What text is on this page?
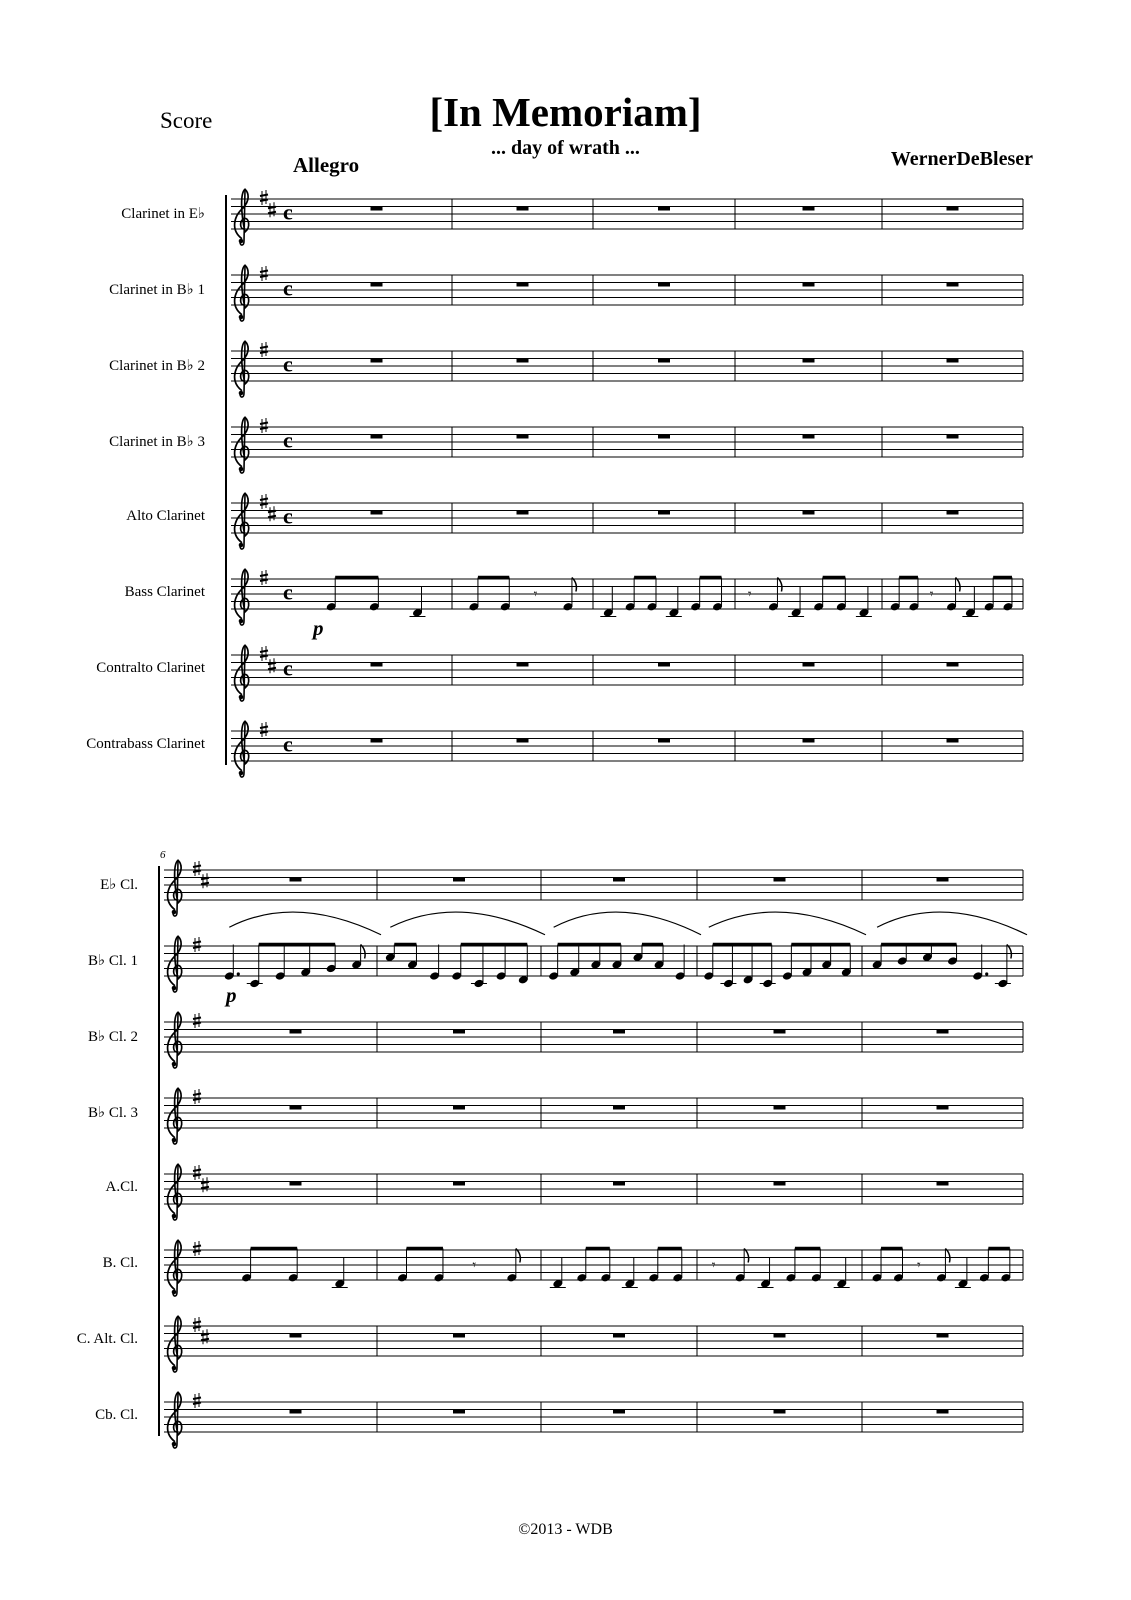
Score	[In Memoriam]
... day of wrath ...	WernerDeBleser
Allegro
Clarinet in E♭
Clarinet in B♭ 1
Clarinet in B♭ 2
Clarinet in B♭ 3
Alto Clarinet
Bass Clarinet
Contralto Clarinet
Contrabass Clarinet
E♭ Cl.
B♭ Cl. 1
B♭ Cl. 2
B♭ Cl. 3
A.Cl.
B. Cl.
C. Alt. Cl.
Cb. Cl.
c
c
c
c
c
c	𝄾	𝄾	𝄾
p
c
c
6
p
𝄾	𝄾	𝄾
©2013 - WDB
